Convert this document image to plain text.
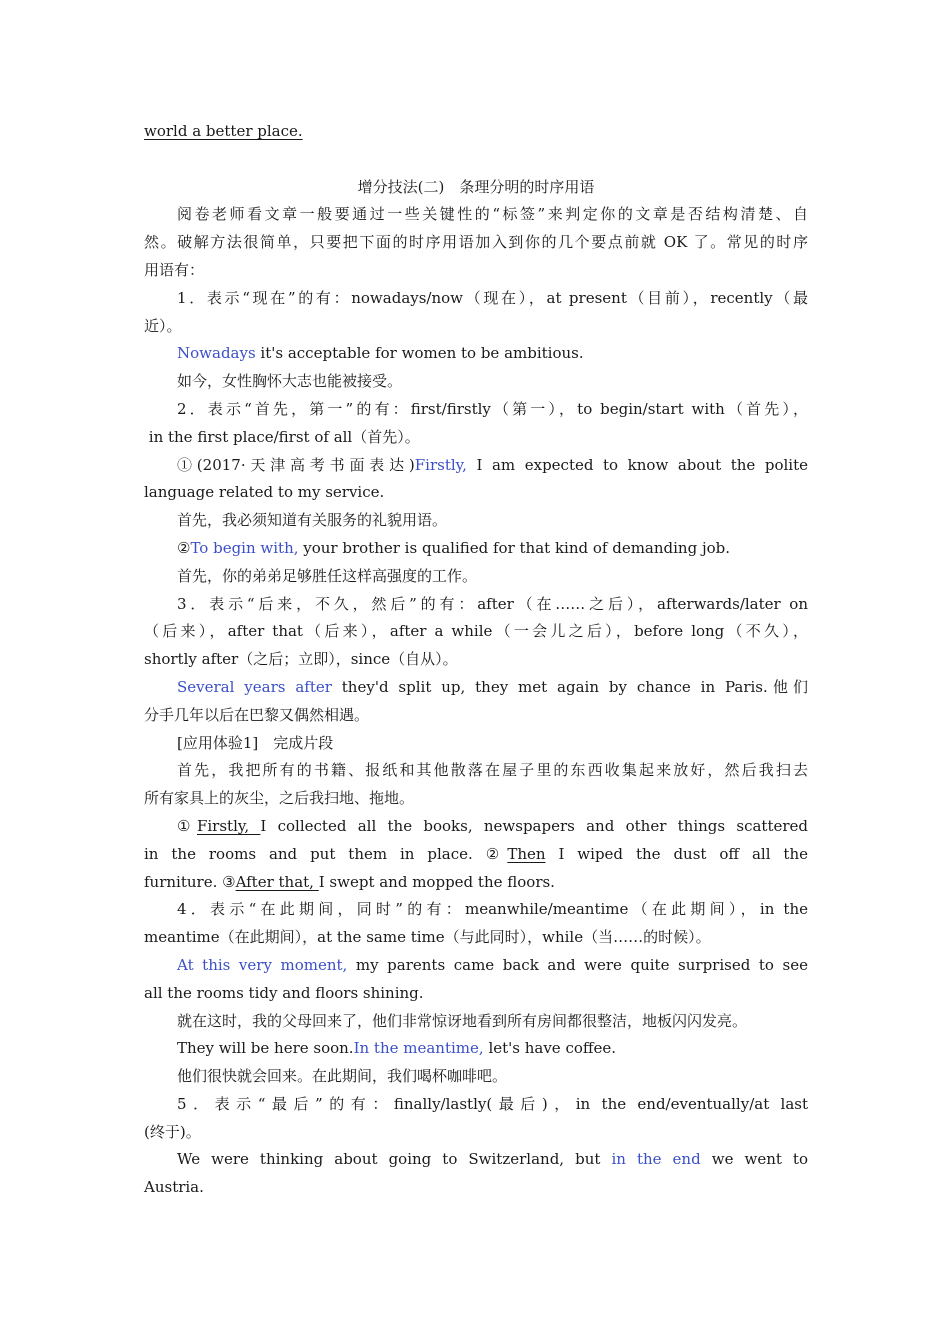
world a better place.
增分技法(二)　条理分明的时序用语
阅卷老师看文章一般要通过一些关键性的“标签”来判定你的文章是否结构清楚、自
然。破解方法很简单，只要把下面的时序用语加入到你的几个要点前就 OK 了。常见的时序
用语有：
1．表示“现在”的有：nowadays/now（现在），at present（目前），recently（最
近）。
Nowadays it's acceptable for women to be ambitious.
如今，女性胸怀大志也能被接受。
2．表示“首先，第一”的有：first/firstly（第一），to begin/start with（首先），
in the first place/first of all（首先）。
①(2017·天津高考书面表达)Firstly, I am expected to know about the polite
language related to my service.
首先，我必须知道有关服务的礼貌用语。
②To begin with, your brother is qualified for that kind of demanding job.
首先，你的弟弟足够胜任这样高强度的工作。
3．表示“后来，不久，然后”的有：after（在……之后），afterwards/later on
（后来），after that（后来），after a while（一会儿之后），before long（不久），
shortly after（之后；立即），since（自从）。
Several years after they'd split up, they met again by chance in Paris.他们
分手几年以后在巴黎又偶然相遇。
[应用体验1]　完成片段
首先，我把所有的书籍、报纸和其他散落在屋子里的东西收集起来放好，然后我扫去
所有家具上的灰尘，之后我扫地、拖地。
①Firstly, I collected all the books, newspapers and other things scattered
in the rooms and put them in place. ②Then I wiped the dust off all the
furniture. ③After that, I swept and mopped the floors.
4．表示“在此期间，同时”的有：meanwhile/meantime（在此期间），in the
meantime（在此期间），at the same time（与此同时），while（当……的时候）。
At this very moment, my parents came back and were quite surprised to see
all the rooms tidy and floors shining.
就在这时，我的父母回来了，他们非常惊讶地看到所有房间都很整洁，地板闪闪发亮。
They will be here soon.In the meantime, let's have coffee.
他们很快就会回来。在此期间，我们喝杯咖啡吧。
5．表示“最后”的有：finally/lastly(最后)，in the end/eventually/at last
(终于)。
We were thinking about going to Switzerland, but in the end we went to
Austria.
